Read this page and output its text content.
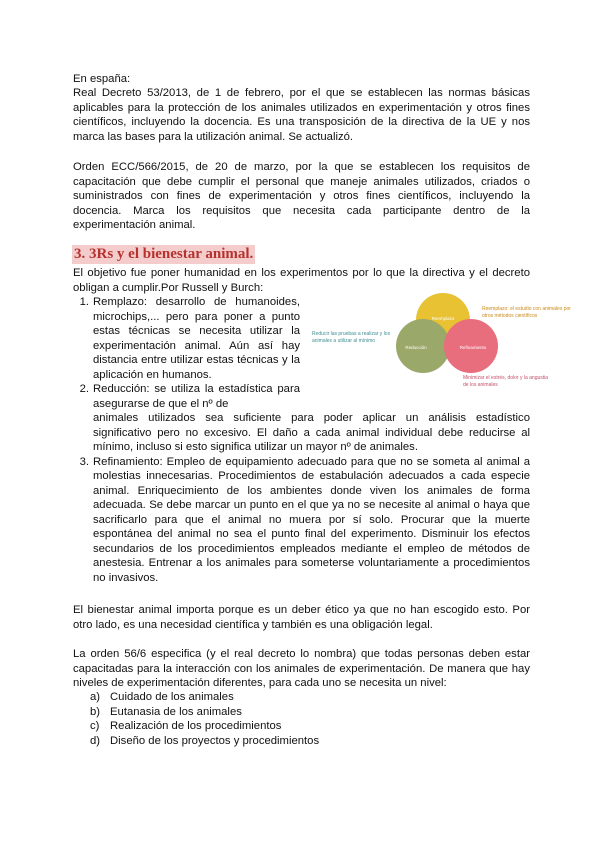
En españa:

Real Decreto 53/2013, de 1 de febrero, por el que se establecen las normas básicas aplicables para la protección de los animales utilizados en experimentación y otros fines científicos, incluyendo la docencia. Es una transposición de la directiva de la UE y nos marca las bases para la utilización animal. Se actualizó.

Orden ECC/566/2015, de 20 de marzo, por la que se establecen los requisitos de capacitación que debe cumplir el personal que maneje animales utilizados, criados o suministrados con fines de experimentación y otros fines científicos, incluyendo la docencia. Marca los requisitos que necesita cada participante dentro de la experimentación animal.

3. 3Rs y el bienestar animal.

El objetivo fue poner humanidad en los experimentos por lo que la directiva y el decreto obligan a cumplir.Por Russell y Burch:

1. Remplazo: desarrollo de humanoides, microchips,... pero para poner a punto estas técnicas se necesita utilizar la experimentación animal. Aún así hay distancia entre utilizar estas técnicas y la aplicación en humanos.
2. Reducción: se utiliza la estadística para asegurarse de que el nº de
animales utilizados sea suficiente para poder aplicar un análisis estadístico significativo pero no excesivo. El daño a cada animal individual debe reducirse al mínimo, incluso si esto significa utilizar un mayor nº de animales.
3. Refinamiento: Empleo de equipamiento adecuado para que no se someta al animal a molestias innecesarias. Procedimientos de estabulación adecuados a cada especie animal. Enriquecimiento de los ambientes donde viven los animales de forma adecuada. Se debe marcar un punto en el que ya no se necesite al animal o haya que sacrificarlo para que el animal no muera por sí solo. Procurar que la muerte espontánea del animal no sea el punto final del experimento. Disminuir los efectos secundarios de los procedimientos empleados mediante el empleo de métodos de anestesia. Entrenar a los animales para someterse voluntariamente a procedimientos no invasivos.
Reemplazo
Reducción	Refinamiento
Reemplazo: el estudio con animales por
otros métodos científicos
Reducir las pruebas a realizar y los
animales a utilizar al mínimo
Minimizar el estrés, dolor y la angustia
de los animales

El bienestar animal importa porque es un deber ético ya que no han escogido esto. Por otro lado, es una necesidad científica y también es una obligación legal.

La orden 56/6 especifica (y el real decreto lo nombra) que todas personas deben estar capacitadas para la interacción con los animales de experimentación. De manera que hay niveles de experimentación diferentes, para cada uno se necesita un nivel:

a) Cuidado de los animales
b) Eutanasia de los animales
c) Realización de los procedimientos
d) Diseño de los proyectos y procedimientos
